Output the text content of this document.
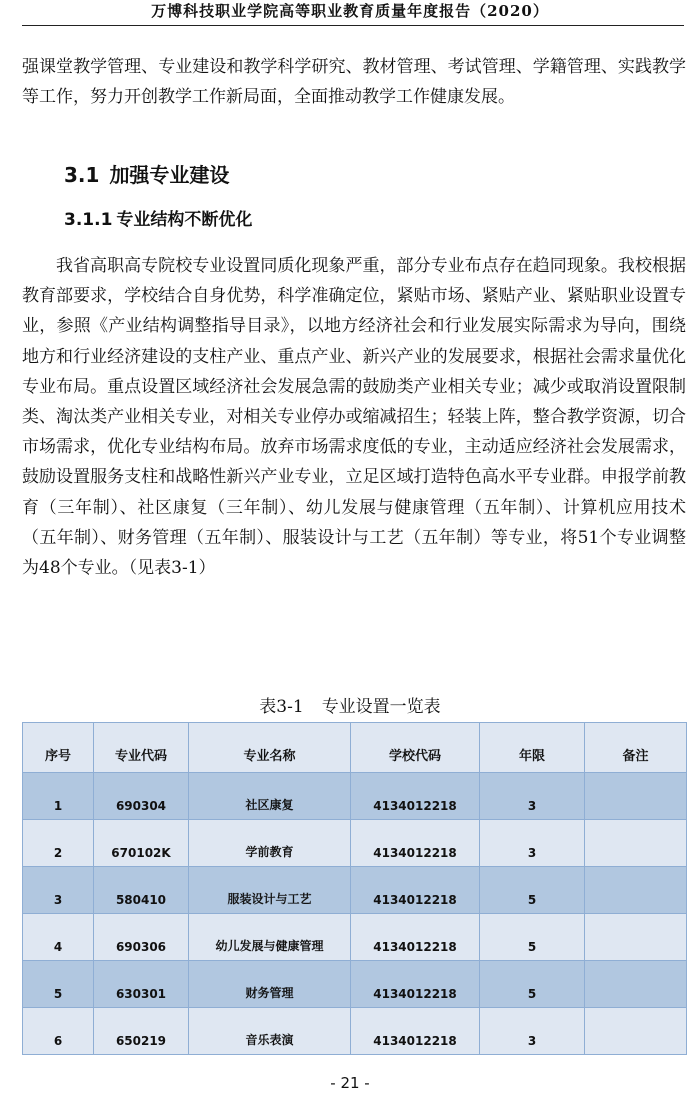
万博科技职业学院高等职业教育质量年度报告（2020）

强课堂教学管理、专业建设和教学科学研究、教材管理、考试管理、学籍管理、实践教学等工作，努力开创教学工作新局面，全面推动教学工作健康发展。

3.1 加强专业建设
3.1.1 专业结构不断优化

我省高职高专院校专业设置同质化现象严重，部分专业布点存在趋同现象。我校根据教育部要求，学校结合自身优势，科学准确定位，紧贴市场、紧贴产业、紧贴职业设置专业，参照《产业结构调整指导目录》，以地方经济社会和行业发展实际需求为导向，围绕地方和行业经济建设的支柱产业、重点产业、新兴产业的发展要求，根据社会需求量优化专业布局。重点设置区域经济社会发展急需的鼓励类产业相关专业；减少或取消设置限制类、淘汰类产业相关专业，对相关专业停办或缩减招生；轻装上阵，整合教学资源，切合市场需求，优化专业结构布局。放弃市场需求度低的专业，主动适应经济社会发展需求，鼓励设置服务支柱和战略性新兴产业专业，立足区域打造特色高水平专业群。申报学前教育（三年制）、社区康复（三年制）、幼儿发展与健康管理（五年制）、计算机应用技术（五年制）、财务管理（五年制）、服装设计与工艺（五年制）等专业，将51个专业调整为48个专业。（见表3-1）

表3-1 专业设置一览表
序号	专业代码	专业名称	学校代码	年限	备注
1	690304	社区康复	4134012218	3	
2	670102K	学前教育	4134012218	3	
3	580410	服装设计与工艺	4134012218	5	
4	690306	幼儿发展与健康管理	4134012218	5	
5	630301	财务管理	4134012218	5	
6	650219	音乐表演	4134012218	3	
- 21 -
